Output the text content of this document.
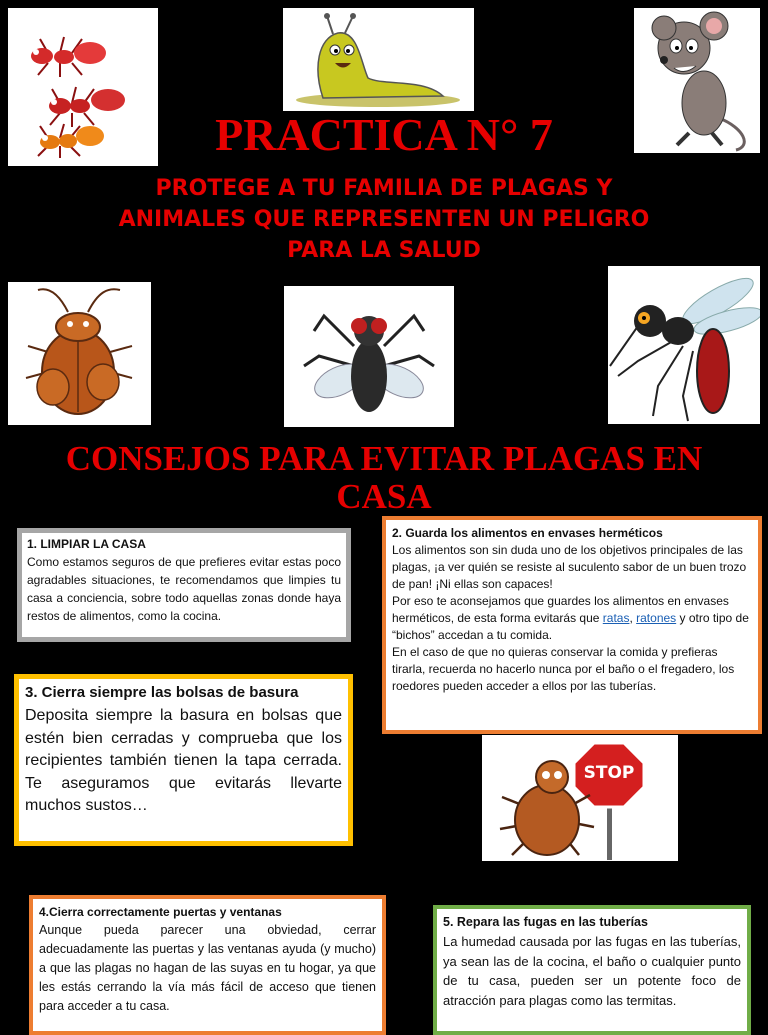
STOP
PRACTICA N° 7
PROTEGE A TU FAMILIA DE PLAGAS Y ANIMALES QUE REPRESENTEN UN PELIGRO PARA LA SALUD
CONSEJOS PARA EVITAR PLAGAS EN CASA
1. LIMPIAR LA CASA

Como estamos seguros de que prefieres evitar estas poco agradables situaciones, te recomendamos que limpies tu casa a conciencia, sobre todo aquellas zonas donde haya restos de alimentos, como la cocina.

2. Guarda los alimentos en envases herméticos

Los alimentos son sin duda uno de los objetivos principales de las plagas, ¡a ver quién se resiste al suculento sabor de un buen trozo de pan! ¡Ni ellas son capaces!

Por eso te aconsejamos que guardes los alimentos en envases herméticos, de esta forma evitarás que ratas, ratones y otro tipo de “bichos” accedan a tu comida.

En el caso de que no quieras conservar la comida y prefieras tirarla, recuerda no hacerlo nunca por el baño o el fregadero, los roedores pueden acceder a ellos por las tuberías.

3. Cierra siempre las bolsas de basura

Deposita siempre la basura en bolsas que estén bien cerradas y comprueba que los recipientes también tienen la tapa cerrada. Te aseguramos que evitarás llevarte muchos sustos…

4.Cierra correctamente puertas y ventanas

Aunque pueda parecer una obviedad, cerrar adecuadamente las puertas y las ventanas ayuda (y mucho) a que las plagas no hagan de las suyas en tu hogar, ya que les estás cerrando la vía más fácil de acceso que tienen para acceder a tu casa.

5. Repara las fugas en las tuberías

La humedad causada por las fugas en las tuberías, ya sean las de la cocina, el baño o cualquier punto de tu casa, pueden ser un potente foco de atracción para plagas como las termitas.
